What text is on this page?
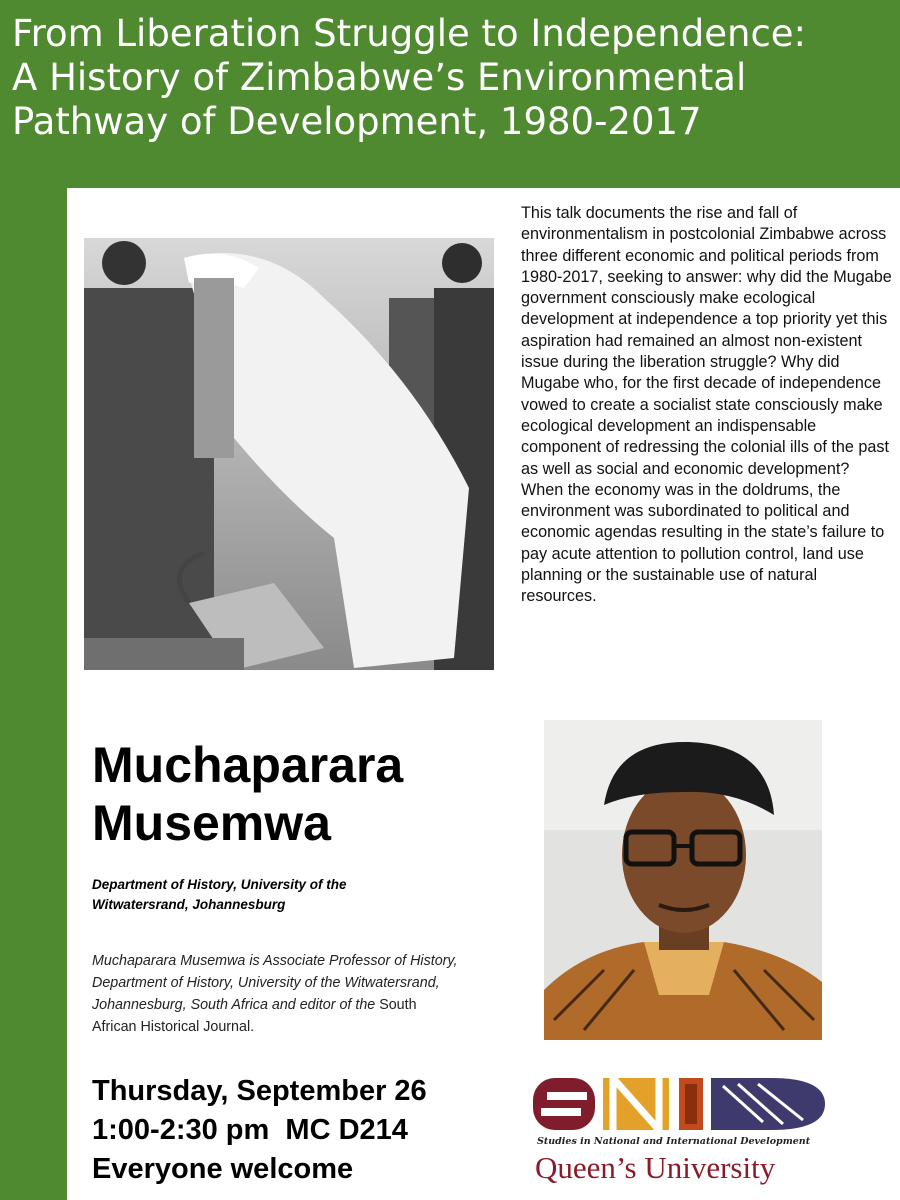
From Liberation Struggle to Independence:
A History of Zimbabwe’s Environmental
Pathway of Development, 1980-2017
This talk documents the rise and fall of environmentalism in postcolonial Zimbabwe across three different economic and political periods from 1980-2017, seeking to answer: why did the Mugabe government consciously make ecological development at independence a top priority yet this aspiration had remained an almost non-existent issue during the liberation struggle? Why did Mugabe who, for the first decade of independence vowed to create a socialist state consciously make ecological development an indispensable component of redressing the colonial ills of the past as well as social and economic development? When the economy was in the doldrums, the environment was subordinated to political and economic agendas resulting in the state’s failure to pay acute attention to pollution control, land use planning or the sustainable use of natural resources.
Muchaparara
Musemwa
Department of History, University of the Witwatersrand, Johannesburg
Muchaparara Musemwa is Associate Professor of History, Department of History, University of the Witwatersrand, Johannesburg, South Africa and editor of the South African Historical Journal.
Thursday, September 26
1:00-2:30 pm  MC D214
Everyone welcome
Studies in National and International Development
Queen’s University
